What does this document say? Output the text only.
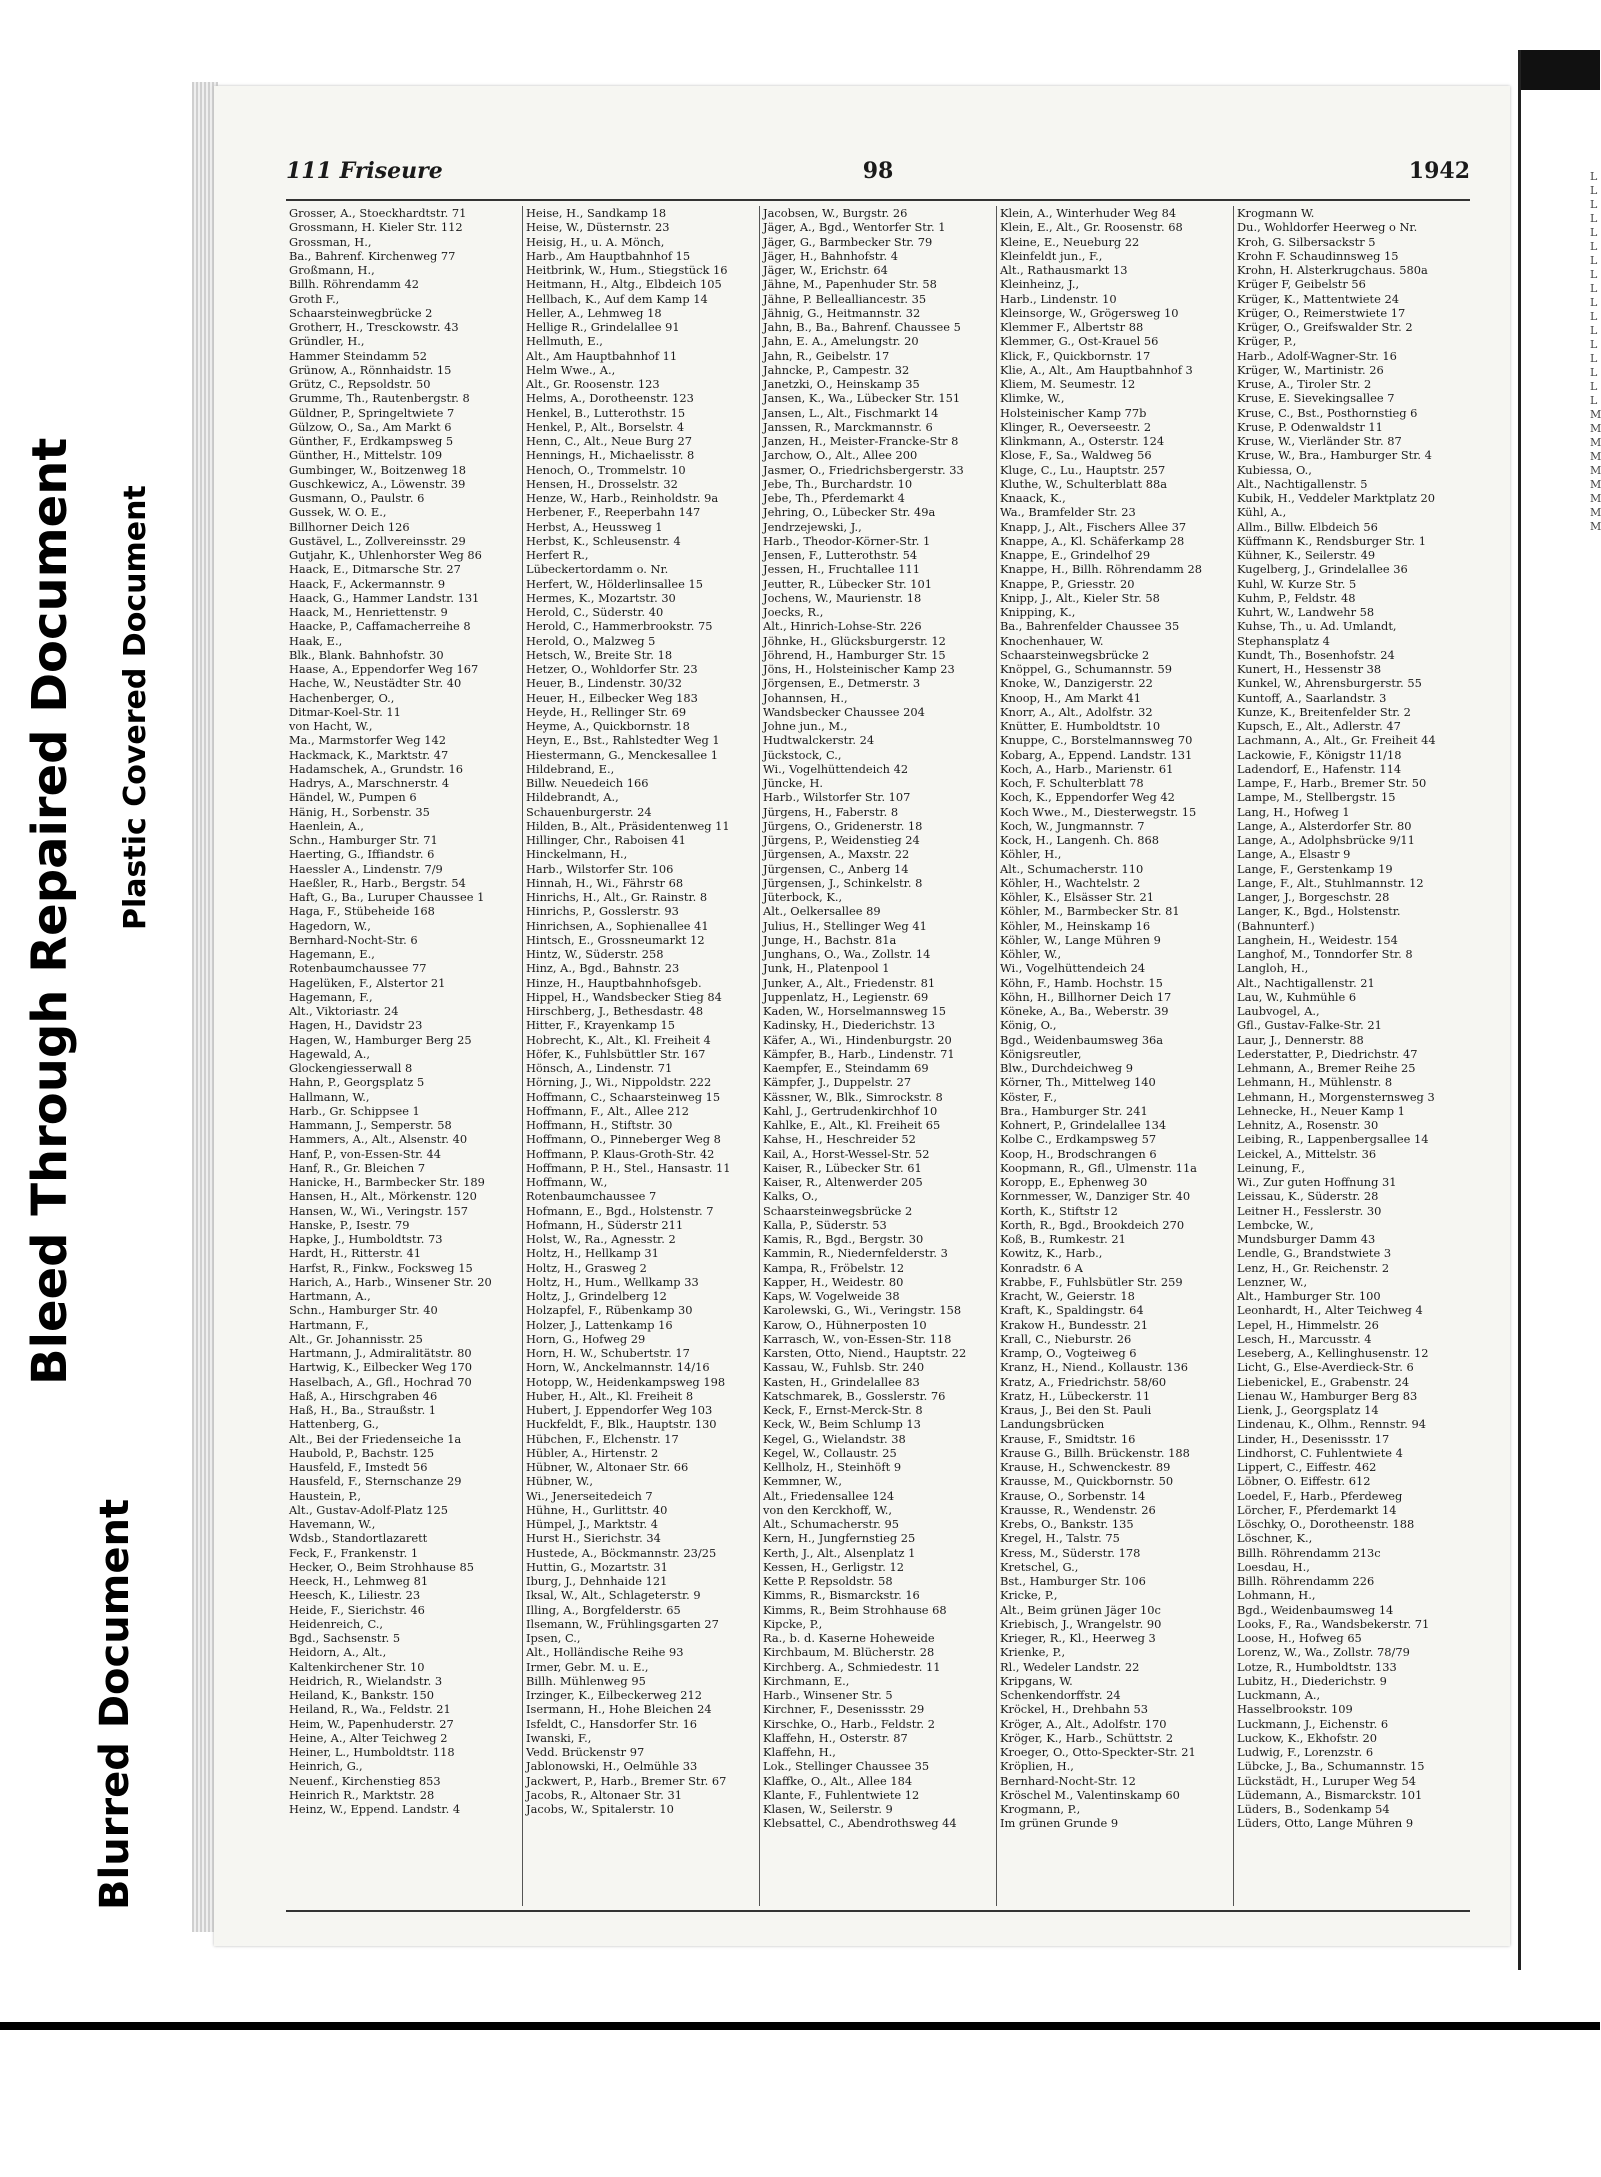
Bleed Through Repaired Document Plastic Covered Document
Blurred Document
111 Friseure	98	1942
Grosser, A., Stoeckhardtstr. 71
Grossmann, H. Kieler Str. 112
Grossman, H.,
Ba., Bahrenf. Kirchenweg 77
Großmann, H.,
Billh. Röhrendamm 42
Groth F.,
Schaarsteinwegbrücke 2
Grotherr, H., Tresckowstr. 43
Gründler, H.,
Hammer Steindamm 52
Grünow, A., Rönnhaidstr. 15
Grütz, C., Repsoldstr. 50
Grumme, Th., Rautenbergstr. 8
Güldner, P., Springeltwiete 7
Gülzow, O., Sa., Am Markt 6
Günther, F., Erdkampsweg 5
Günther, H., Mittelstr. 109
Gumbinger, W., Boitzenweg 18
Guschkewicz, A., Löwenstr. 39
Gusmann, O., Paulstr. 6
Gussek, W. O. E.,
Billhorner Deich 126
Gustävel, L., Zollvereinsstr. 29
Gutjahr, K., Uhlenhorster Weg 86
Haack, E., Ditmarsche Str. 27
Haack, F., Ackermannstr. 9
Haack, G., Hammer Landstr. 131
Haack, M., Henriettenstr. 9
Haacke, P., Caffamacherreihe 8
Haak, E.,
Blk., Blank. Bahnhofstr. 30
Haase, A., Eppendorfer Weg 167
Hache, W., Neustädter Str. 40
Hachenberger, O.,
Ditmar-Koel-Str. 11
von Hacht, W.,
Ma., Marmstorfer Weg 142
Hackmack, K., Marktstr. 47
Hadamschek, A., Grundstr. 16
Hadrys, A., Marschnerstr. 4
Händel, W., Pumpen 6
Hänig, H., Sorbenstr. 35
Haenlein, A.,
Schn., Hamburger Str. 71
Haerting, G., Iffiandstr. 6
Haessler A., Lindenstr. 7/9
Haeßler, R., Harb., Bergstr. 54
Haft, G., Ba., Luruper Chaussee 1
Haga, F., Stübeheide 168
Hagedorn, W.,
Bernhard-Nocht-Str. 6
Hagemann, E.,
Rotenbaumchaussee 77
Hagelüken, F., Alstertor 21
Hagemann, F.,
Alt., Viktoriastr. 24
Hagen, H., Davidstr 23
Hagen, W., Hamburger Berg 25
Hagewald, A.,
Glockengiesserwall 8
Hahn, P., Georgsplatz 5
Hallmann, W.,
Harb., Gr. Schippsee 1
Hammann, J., Semperstr. 58
Hammers, A., Alt., Alsenstr. 40
Hanf, P., von-Essen-Str. 44
Hanf, R., Gr. Bleichen 7
Hanicke, H., Barmbecker Str. 189
Hansen, H., Alt., Mörkenstr. 120
Hansen, W., Wi., Veringstr. 157
Hanske, P., Isestr. 79
Hapke, J., Humboldtstr. 73
Hardt, H., Ritterstr. 41
Harfst, R., Finkw., Focksweg 15
Harich, A., Harb., Winsener Str. 20
Hartmann, A.,
Schn., Hamburger Str. 40
Hartmann, F.,
Alt., Gr. Johannisstr. 25
Hartmann, J., Admiralitätstr. 80
Hartwig, K., Eilbecker Weg 170
Haselbach, A., Gfl., Hochrad 70
Haß, A., Hirschgraben 46
Haß, H., Ba., Straußstr. 1
Hattenberg, G.,
Alt., Bei der Friedenseiche 1a
Haubold, P., Bachstr. 125
Hausfeld, F., Imstedt 56
Hausfeld, F., Sternschanze 29
Haustein, P.,
Alt., Gustav-Adolf-Platz 125
Havemann, W.,
Wdsb., Standortlazarett
Feck, F., Frankenstr. 1
Hecker, O., Beim Strohhause 85
Heeck, H., Lehmweg 81
Heesch, K., Liliestr. 23
Heide, F., Sierichstr. 46
Heidenreich, C.,
Bgd., Sachsenstr. 5
Heidorn, A., Alt.,
Kaltenkirchener Str. 10
Heidrich, R., Wielandstr. 3
Heiland, K., Bankstr. 150
Heiland, R., Wa., Feldstr. 21
Heim, W., Papenhuderstr. 27
Heine, A., Alter Teichweg 2
Heiner, L., Humboldtstr. 118
Heinrich, G.,
Neuenf., Kirchenstieg 853
Heinrich R., Marktstr. 28
Heinz, W., Eppend. Landstr. 4
Heise, H., Sandkamp 18
Heise, W., Düsternstr. 23
Heisig, H., u. A. Mönch,
Harb., Am Hauptbahnhof 15
Heitbrink, W., Hum., Stiegstück 16
Heitmann, H., Altg., Elbdeich 105
Hellbach, K., Auf dem Kamp 14
Heller, A., Lehmweg 18
Hellige R., Grindelallee 91
Hellmuth, E.,
Alt., Am Hauptbahnhof 11
Helm Wwe., A.,
Alt., Gr. Roosenstr. 123
Helms, A., Dorotheenstr. 123
Henkel, B., Lutterothstr. 15
Henkel, P., Alt., Borselstr. 4
Henn, C., Alt., Neue Burg 27
Hennings, H., Michaelisstr. 8
Henoch, O., Trommelstr. 10
Hensen, H., Drosselstr. 32
Henze, W., Harb., Reinholdstr. 9a
Herbener, F., Reeperbahn 147
Herbst, A., Heussweg 1
Herbst, K., Schleusenstr. 4
Herfert R.,
Lübeckertordamm o. Nr.
Herfert, W., Hölderlinsallee 15
Hermes, K., Mozartstr. 30
Herold, C., Süderstr. 40
Herold, C., Hammerbrookstr. 75
Herold, O., Malzweg 5
Hetsch, W., Breite Str. 18
Hetzer, O., Wohldorfer Str. 23
Heuer, B., Lindenstr. 30/32
Heuer, H., Eilbecker Weg 183
Heyde, H., Rellinger Str. 69
Heyme, A., Quickbornstr. 18
Heyn, E., Bst., Rahlstedter Weg 1
Hiestermann, G., Menckesallee 1
Hildebrand, E.,
Billw. Neuedeich 166
Hildebrandt, A.,
Schauenburgerstr. 24
Hilden, B., Alt., Präsidentenweg 11
Hillinger, Chr., Raboisen 41
Hinckelmann, H.,
Harb., Wilstorfer Str. 106
Hinnah, H., Wi., Fährstr 68
Hinrichs, H., Alt., Gr. Rainstr. 8
Hinrichs, P., Gosslerstr. 93
Hinrichsen, A., Sophienallee 41
Hintsch, E., Grossneumarkt 12
Hintz, W., Süderstr. 258
Hinz, A., Bgd., Bahnstr. 23
Hinze, H., Hauptbahnhofsgeb.
Hippel, H., Wandsbecker Stieg 84
Hirschberg, J., Bethesdastr. 48
Hitter, F., Krayenkamp 15
Hobrecht, K., Alt., Kl. Freiheit 4
Höfer, K., Fuhlsbüttler Str. 167
Hönsch, A., Lindenstr. 71
Hörning, J., Wi., Nippoldstr. 222
Hoffmann, C., Schaarsteinweg 15
Hoffmann, F., Alt., Allee 212
Hoffmann, H., Stiftstr. 30
Hoffmann, O., Pinneberger Weg 8
Hoffmann, P. Klaus-Groth-Str. 42
Hoffmann, P. H., Stel., Hansastr. 11
Hoffmann, W.,
Rotenbaumchaussee 7
Hofmann, E., Bgd., Holstenstr. 7
Hofmann, H., Süderstr 211
Holst, W., Ra., Agnesstr. 2
Holtz, H., Hellkamp 31
Holtz, H., Grasweg 2
Holtz, H., Hum., Wellkamp 33
Holtz, J., Grindelberg 12
Holzapfel, F., Rübenkamp 30
Holzer, J., Lattenkamp 16
Horn, G., Hofweg 29
Horn, H. W., Schubertstr. 17
Horn, W., Anckelmannstr. 14/16
Hotopp, W., Heidenkampsweg 198
Huber, H., Alt., Kl. Freiheit 8
Hubert, J. Eppendorfer Weg 103
Huckfeldt, F., Blk., Hauptstr. 130
Hübchen, F., Elchenstr. 17
Hübler, A., Hirtenstr. 2
Hübner, W., Altonaer Str. 66
Hübner, W.,
Wi., Jenerseitedeich 7
Hühne, H., Gurlittstr. 40
Hümpel, J., Marktstr. 4
Hurst H., Sierichstr. 34
Hustede, A., Böckmannstr. 23/25
Huttin, G., Mozartstr. 31
Iburg, J., Dehnhaide 121
Iksal, W., Alt., Schlageterstr. 9
Illing, A., Borgfelderstr. 65
Ilsemann, W., Frühlingsgarten 27
Ipsen, C.,
Alt., Holländische Reihe 93
Irmer, Gebr. M. u. E.,
Billh. Mühlenweg 95
Irzinger, K., Eilbeckerweg 212
Isermann, H., Hohe Bleichen 24
Isfeldt, C., Hansdorfer Str. 16
Iwanski, F.,
Vedd. Brückenstr 97
Jablonowski, H., Oelmühle 33
Jackwert, P., Harb., Bremer Str. 67
Jacobs, R., Altonaer Str. 31
Jacobs, W., Spitalerstr. 10
Jacobsen, W., Burgstr. 26
Jäger, A., Bgd., Wentorfer Str. 1
Jäger, G., Barmbecker Str. 79
Jäger, H., Bahnhofstr. 4
Jäger, W., Erichstr. 64
Jähne, M., Papenhuder Str. 58
Jähne, P. Bellealliancestr. 35
Jähnig, G., Heitmannstr. 32
Jahn, B., Ba., Bahrenf. Chaussee 5
Jahn, E. A., Amelungstr. 20
Jahn, R., Geibelstr. 17
Jahncke, P., Campestr. 32
Janetzki, O., Heinskamp 35
Jansen, K., Wa., Lübecker Str. 151
Jansen, L., Alt., Fischmarkt 14
Janssen, R., Marckmannstr. 6
Janzen, H., Meister-Francke-Str 8
Jarchow, O., Alt., Allee 200
Jasmer, O., Friedrichsbergerstr. 33
Jebe, Th., Burchardstr. 10
Jebe, Th., Pferdemarkt 4
Jehring, O., Lübecker Str. 49a
Jendrzejewski, J.,
Harb., Theodor-Körner-Str. 1
Jensen, F., Lutterothstr. 54
Jessen, H., Fruchtallee 111
Jeutter, R., Lübecker Str. 101
Jochens, W., Maurienstr. 18
Joecks, R.,
Alt., Hinrich-Lohse-Str. 226
Jöhnke, H., Glücksburgerstr. 12
Jöhrend, H., Hamburger Str. 15
Jöns, H., Holsteinischer Kamp 23
Jörgensen, E., Detmerstr. 3
Johannsen, H.,
Wandsbecker Chaussee 204
Johne jun., M.,
Hudtwalckerstr. 24
Jückstock, C.,
Wi., Vogelhüttendeich 42
Jüncke, H.
Harb., Wilstorfer Str. 107
Jürgens, H., Faberstr. 8
Jürgens, O., Gridenerstr. 18
Jürgens, P., Weidenstieg 24
Jürgensen, A., Maxstr. 22
Jürgensen, C., Anberg 14
Jürgensen, J., Schinkelstr. 8
Jüterbock, K.,
Alt., Oelkersallee 89
Julius, H., Stellinger Weg 41
Junge, H., Bachstr. 81a
Junghans, O., Wa., Zollstr. 14
Junk, H., Platenpool 1
Junker, A., Alt., Friedenstr. 81
Juppenlatz, H., Legienstr. 69
Kaden, W., Horselmannsweg 15
Kadinsky, H., Diederichstr. 13
Käfer, A., Wi., Hindenburgstr. 20
Kämpfer, B., Harb., Lindenstr. 71
Kaempfer, E., Steindamm 69
Kämpfer, J., Duppelstr. 27
Kässner, W., Blk., Simrockstr. 8
Kahl, J., Gertrudenkirchhof 10
Kahlke, E., Alt., Kl. Freiheit 65
Kahse, H., Heschreider 52
Kail, A., Horst-Wessel-Str. 52
Kaiser, R., Lübecker Str. 61
Kaiser, R., Altenwerder 205
Kalks, O.,
Schaarsteinwegsbrücke 2
Kalla, P., Süderstr. 53
Kamis, R., Bgd., Bergstr. 30
Kammin, R., Niedernfelderstr. 3
Kampa, R., Fröbelstr. 12
Kapper, H., Weidestr. 80
Kaps, W. Vogelweide 38
Karolewski, G., Wi., Veringstr. 158
Karow, O., Hühnerposten 10
Karrasch, W., von-Essen-Str. 118
Karsten, Otto, Niend., Hauptstr. 22
Kassau, W., Fuhlsb. Str. 240
Kasten, H., Grindelallee 83
Katschmarek, B., Gosslerstr. 76
Keck, F., Ernst-Merck-Str. 8
Keck, W., Beim Schlump 13
Kegel, G., Wielandstr. 38
Kegel, W., Collaustr. 25
Kellholz, H., Steinhöft 9
Kemmner, W.,
Alt., Friedensallee 124
von den Kerckhoff, W.,
Alt., Schumacherstr. 95
Kern, H., Jungfernstieg 25
Kerth, J., Alt., Alsenplatz 1
Kessen, H., Gerligstr. 12
Kette P. Repsoldstr. 58
Kimms, R., Bismarckstr. 16
Kimms, R., Beim Strohhause 68
Kipcke, P.,
Ra., b. d. Kaserne Hoheweide
Kirchbaum, M. Blücherstr. 28
Kirchberg. A., Schmiedestr. 11
Kirchmann, E.,
Harb., Winsener Str. 5
Kirchner, F., Desenissstr. 29
Kirschke, O., Harb., Feldstr. 2
Klaffehn, H., Osterstr. 87
Klaffehn, H.,
Lok., Stellinger Chaussee 35
Klaffke, O., Alt., Allee 184
Klante, F., Fuhlentwiete 12
Klasen, W., Seilerstr. 9
Klebsattel, C., Abendrothsweg 44
Klein, A., Winterhuder Weg 84
Klein, E., Alt., Gr. Roosenstr. 68
Kleine, E., Neueburg 22
Kleinfeldt jun., F.,
Alt., Rathausmarkt 13
Kleinheinz, J.,
Harb., Lindenstr. 10
Kleinsorge, W., Grögersweg 10
Klemmer F., Albertstr 88
Klemmer, G., Ost-Krauel 56
Klick, F., Quickbornstr. 17
Klie, A., Alt., Am Hauptbahnhof 3
Kliem, M. Seumestr. 12
Klimke, W.,
Holsteinischer Kamp 77b
Klinger, R., Oeverseestr. 2
Klinkmann, A., Osterstr. 124
Klose, F., Sa., Waldweg 56
Kluge, C., Lu., Hauptstr. 257
Kluthe, W., Schulterblatt 88a
Knaack, K.,
Wa., Bramfelder Str. 23
Knapp, J., Alt., Fischers Allee 37
Knappe, A., Kl. Schäferkamp 28
Knappe, E., Grindelhof 29
Knappe, H., Billh. Röhrendamm 28
Knappe, P., Griesstr. 20
Knipp, J., Alt., Kieler Str. 58
Knipping, K.,
Ba., Bahrenfelder Chaussee 35
Knochenhauer, W.
Schaarsteinwegsbrücke 2
Knöppel, G., Schumannstr. 59
Knoke, W., Danzigerstr. 22
Knoop, H., Am Markt 41
Knorr, A., Alt., Adolfstr. 32
Knütter, E. Humboldtstr. 10
Knuppe, C., Borstelmannsweg 70
Kobarg, A., Eppend. Landstr. 131
Koch, A., Harb., Marienstr. 61
Koch, F. Schulterblatt 78
Koch, K., Eppendorfer Weg 42
Koch Wwe., M., Diesterwegstr. 15
Koch, W., Jungmannstr. 7
Kock, H., Langenh. Ch. 868
Köhler, H.,
Alt., Schumacherstr. 110
Köhler, H., Wachtelstr. 2
Köhler, K., Elsässer Str. 21
Köhler, M., Barmbecker Str. 81
Köhler, M., Heinskamp 16
Köhler, W., Lange Mühren 9
Köhler, W.,
Wi., Vogelhüttendeich 24
Köhn, F., Hamb. Hochstr. 15
Köhn, H., Billhorner Deich 17
Köneke, A., Ba., Weberstr. 39
König, O.,
Bgd., Weidenbaumsweg 36a
Königsreutler,
Blw., Durchdeichweg 9
Körner, Th., Mittelweg 140
Köster, F.,
Bra., Hamburger Str. 241
Kohnert, P., Grindelallee 134
Kolbe C., Erdkampsweg 57
Koop, H., Brodschrangen 6
Koopmann, R., Gfl., Ulmenstr. 11a
Koropp, E., Ephenweg 30
Kornmesser, W., Danziger Str. 40
Korth, K., Stiftstr 12
Korth, R., Bgd., Brookdeich 270
Koß, B., Rumkestr. 21
Kowitz, K., Harb.,
Konradstr. 6 A
Krabbe, F., Fuhlsbütler Str. 259
Kracht, W., Geierstr. 18
Kraft, K., Spaldingstr. 64
Krakow H., Bundesstr. 21
Krall, C., Nieburstr. 26
Kramp, O., Vogteiweg 6
Kranz, H., Niend., Kollaustr. 136
Kratz, A., Friedrichstr. 58/60
Kratz, H., Lübeckerstr. 11
Kraus, J., Bei den St. Pauli
Landungsbrücken
Krause, F., Smidtstr. 16
Krause G., Billh. Brückenstr. 188
Krause, H., Schwenckestr. 89
Krausse, M., Quickbornstr. 50
Krause, O., Sorbenstr. 14
Krausse, R., Wendenstr. 26
Krebs, O., Bankstr. 135
Kregel, H., Talstr. 75
Kress, M., Süderstr. 178
Kretschel, G.,
Bst., Hamburger Str. 106
Kricke, P.,
Alt., Beim grünen Jäger 10c
Kriebisch, J., Wrangelstr. 90
Krieger, R., Kl., Heerweg 3
Krienke, P.,
Rl., Wedeler Landstr. 22
Kripgans, W.
Schenkendorffstr. 24
Kröckel, H., Drehbahn 53
Kröger, A., Alt., Adolfstr. 170
Kröger, K., Harb., Schüttstr. 2
Kroeger, O., Otto-Speckter-Str. 21
Kröplien, H.,
Bernhard-Nocht-Str. 12
Kröschel M., Valentinskamp 60
Krogmann, P.,
Im grünen Grunde 9
Krogmann W.
Du., Wohldorfer Heerweg o Nr.
Kroh, G. Silbersackstr 5
Krohn F. Schaudinnsweg 15
Krohn, H. Alsterkrugchaus. 580a
Krüger F, Geibelstr 56
Krüger, K., Mattentwiete 24
Krüger, O., Reimerstwiete 17
Krüger, O., Greifswalder Str. 2
Krüger, P.,
Harb., Adolf-Wagner-Str. 16
Krüger, W., Martinistr. 26
Kruse, A., Tiroler Str. 2
Kruse, E. Sievekingsallee 7
Kruse, C., Bst., Posthornstieg 6
Kruse, P. Odenwaldstr 11
Kruse, W., Vierländer Str. 87
Kruse, W., Bra., Hamburger Str. 4
Kubiessa, O.,
Alt., Nachtigallenstr. 5
Kubik, H., Veddeler Marktplatz 20
Kühl, A.,
Allm., Billw. Elbdeich 56
Küffmann K., Rendsburger Str. 1
Kühner, K., Seilerstr. 49
Kugelberg, J., Grindelallee 36
Kuhl, W. Kurze Str. 5
Kuhm, P., Feldstr. 48
Kuhrt, W., Landwehr 58
Kuhse, Th., u. Ad. Umlandt,
Stephansplatz 4
Kundt, Th., Bosenhofstr. 24
Kunert, H., Hessenstr 38
Kunkel, W., Ahrensburgerstr. 55
Kuntoff, A., Saarlandstr. 3
Kunze, K., Breitenfelder Str. 2
Kupsch, E., Alt., Adlerstr. 47
Lachmann, A., Alt., Gr. Freiheit 44
Lackowie, F., Königstr 11/18
Ladendorf, E., Hafenstr. 114
Lampe, F., Harb., Bremer Str. 50
Lampe, M., Stellbergstr. 15
Lang, H., Hofweg 1
Lange, A., Alsterdorfer Str. 80
Lange, A., Adolphsbrücke 9/11
Lange, A., Elsastr 9
Lange, F., Gerstenkamp 19
Lange, F., Alt., Stuhlmannstr. 12
Langer, J., Borgeschstr. 28
Langer, K., Bgd., Holstenstr.
(Bahnunterf.)
Langhein, H., Weidestr. 154
Langhof, M., Tonndorfer Str. 8
Langloh, H.,
Alt., Nachtigallenstr. 21
Lau, W., Kuhmühle 6
Laubvogel, A.,
Gfl., Gustav-Falke-Str. 21
Laur, J., Dennerstr. 88
Lederstatter, P., Diedrichstr. 47
Lehmann, A., Bremer Reihe 25
Lehmann, H., Mühlenstr. 8
Lehmann, H., Morgensternsweg 3
Lehnecke, H., Neuer Kamp 1
Lehnitz, A., Rosenstr. 30
Leibing, R., Lappenbergsallee 14
Leickel, A., Mittelstr. 36
Leinung, F.,
Wi., Zur guten Hoffnung 31
Leissau, K., Süderstr. 28
Leitner H., Fesslerstr. 30
Lembcke, W.,
Mundsburger Damm 43
Lendle, G., Brandstwiete 3
Lenz, H., Gr. Reichenstr. 2
Lenzner, W.,
Alt., Hamburger Str. 100
Leonhardt, H., Alter Teichweg 4
Lepel, H., Himmelstr. 26
Lesch, H., Marcusstr. 4
Leseberg, A., Kellinghusenstr. 12
Licht, G., Else-Averdieck-Str. 6
Liebenickel, E., Grabenstr. 24
Lienau W., Hamburger Berg 83
Lienk, J., Georgsplatz 14
Lindenau, K., Olhm., Rennstr. 94
Linder, H., Desenissstr. 17
Lindhorst, C. Fuhlentwiete 4
Lippert, C., Eiffestr. 462
Löbner, O. Eiffestr. 612
Loedel, F., Harb., Pferdeweg
Lörcher, F., Pferdemarkt 14
Löschky, O., Dorotheenstr. 188
Löschner, K.,
Billh. Röhrendamm 213c
Loesdau, H.,
Billh. Röhrendamm 226
Lohmann, H.,
Bgd., Weidenbaumsweg 14
Looks, F., Ra., Wandsbekerstr. 71
Loose, H., Hofweg 65
Lorenz, W., Wa., Zollstr. 78/79
Lotze, R., Humboldtstr. 133
Lubitz, H., Diederichstr. 9
Luckmann, A.,
Hasselbrookstr. 109
Luckmann, J., Eichenstr. 6
Luckow, K., Ekhofstr. 20
Ludwig, F., Lorenzstr. 6
Lübcke, J., Ba., Schumannstr. 15
Lückstädt, H., Luruper Weg 54
Lüdemann, A., Bismarckstr. 101
Lüders, B., Sodenkamp 54
Lüders, Otto, Lange Mühren 9
L
L
L
L
L
L
L
L
L
L
L
L
L
L
L
L
L
M
M
M
M
M
M
M
M
M
